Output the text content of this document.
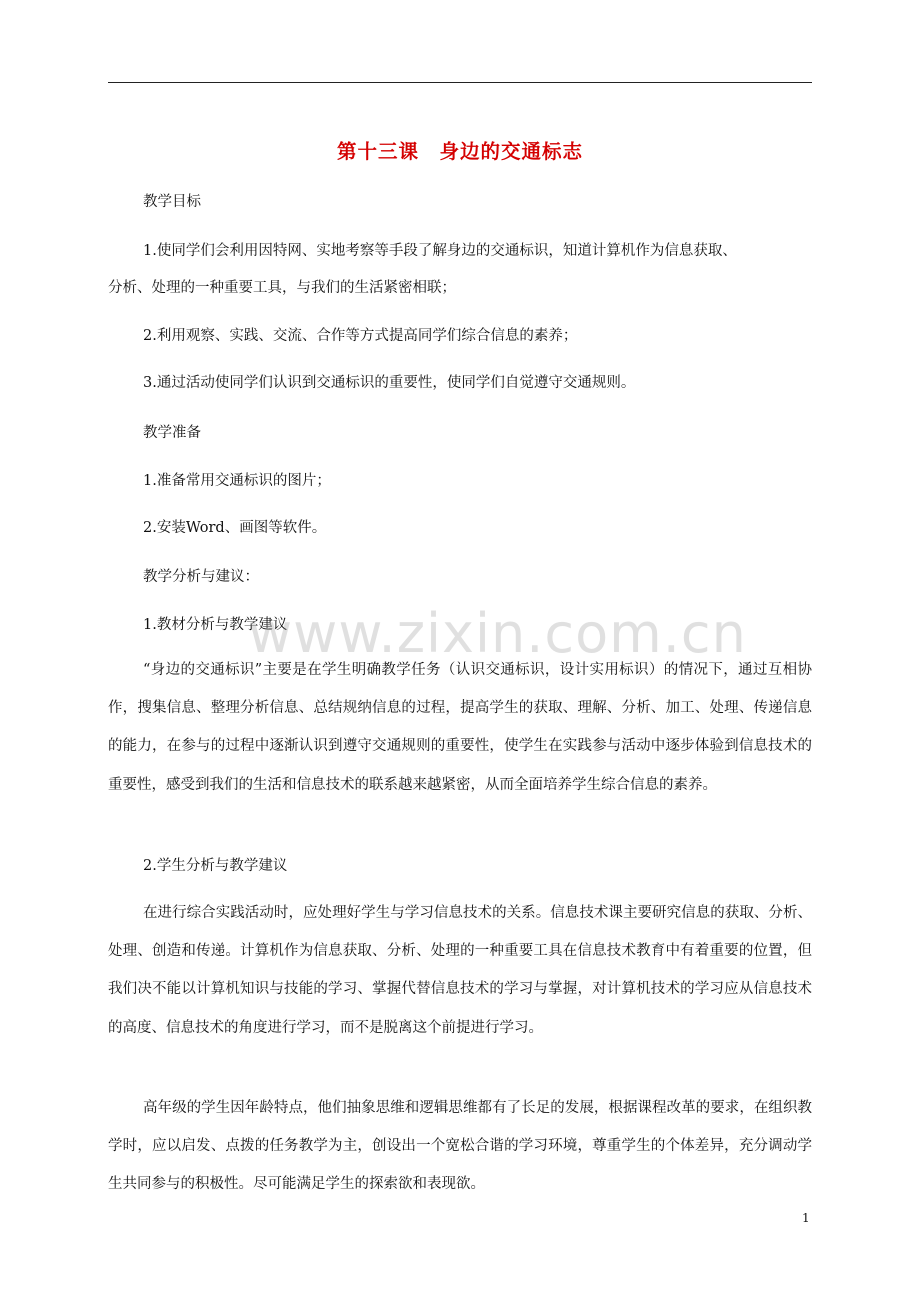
第十三课　身边的交通标志
教学目标
1.使同学们会利用因特网、实地考察等手段了解身边的交通标识，知道计算机作为信息获取、
分析、处理的一种重要工具，与我们的生活紧密相联；
2.利用观察、实践、交流、合作等方式提高同学们综合信息的素养；
3.通过活动使同学们认识到交通标识的重要性，使同学们自觉遵守交通规则。
教学准备
1.准备常用交通标识的图片；
2.安装Word、画图等软件。
教学分析与建议：
1.教材分析与教学建议
“身边的交通标识”主要是在学生明确教学任务（认识交通标识，设计实用标识）的情况下，通过互相协作，搜集信息、整理分析信息、总结规纳信息的过程，提高学生的获取、理解、分析、加工、处理、传递信息的能力，在参与的过程中逐渐认识到遵守交通规则的重要性，使学生在实践参与活动中逐步体验到信息技术的重要性，感受到我们的生活和信息技术的联系越来越紧密，从而全面培养学生综合信息的素养。
2.学生分析与教学建议
在进行综合实践活动时，应处理好学生与学习信息技术的关系。信息技术课主要研究信息的获取、分析、处理、创造和传递。计算机作为信息获取、分析、处理的一种重要工具在信息技术教育中有着重要的位置，但我们决不能以计算机知识与技能的学习、掌握代替信息技术的学习与掌握，对计算机技术的学习应从信息技术的高度、信息技术的角度进行学习，而不是脱离这个前提进行学习。
高年级的学生因年龄特点，他们抽象思维和逻辑思维都有了长足的发展，根据课程改革的要求，在组织教学时，应以启发、点拨的任务教学为主，创设出一个宽松合谐的学习环境，尊重学生的个体差异，充分调动学生共同参与的积极性。尽可能满足学生的探索欲和表现欲。
www.zixin.com.cn
1
